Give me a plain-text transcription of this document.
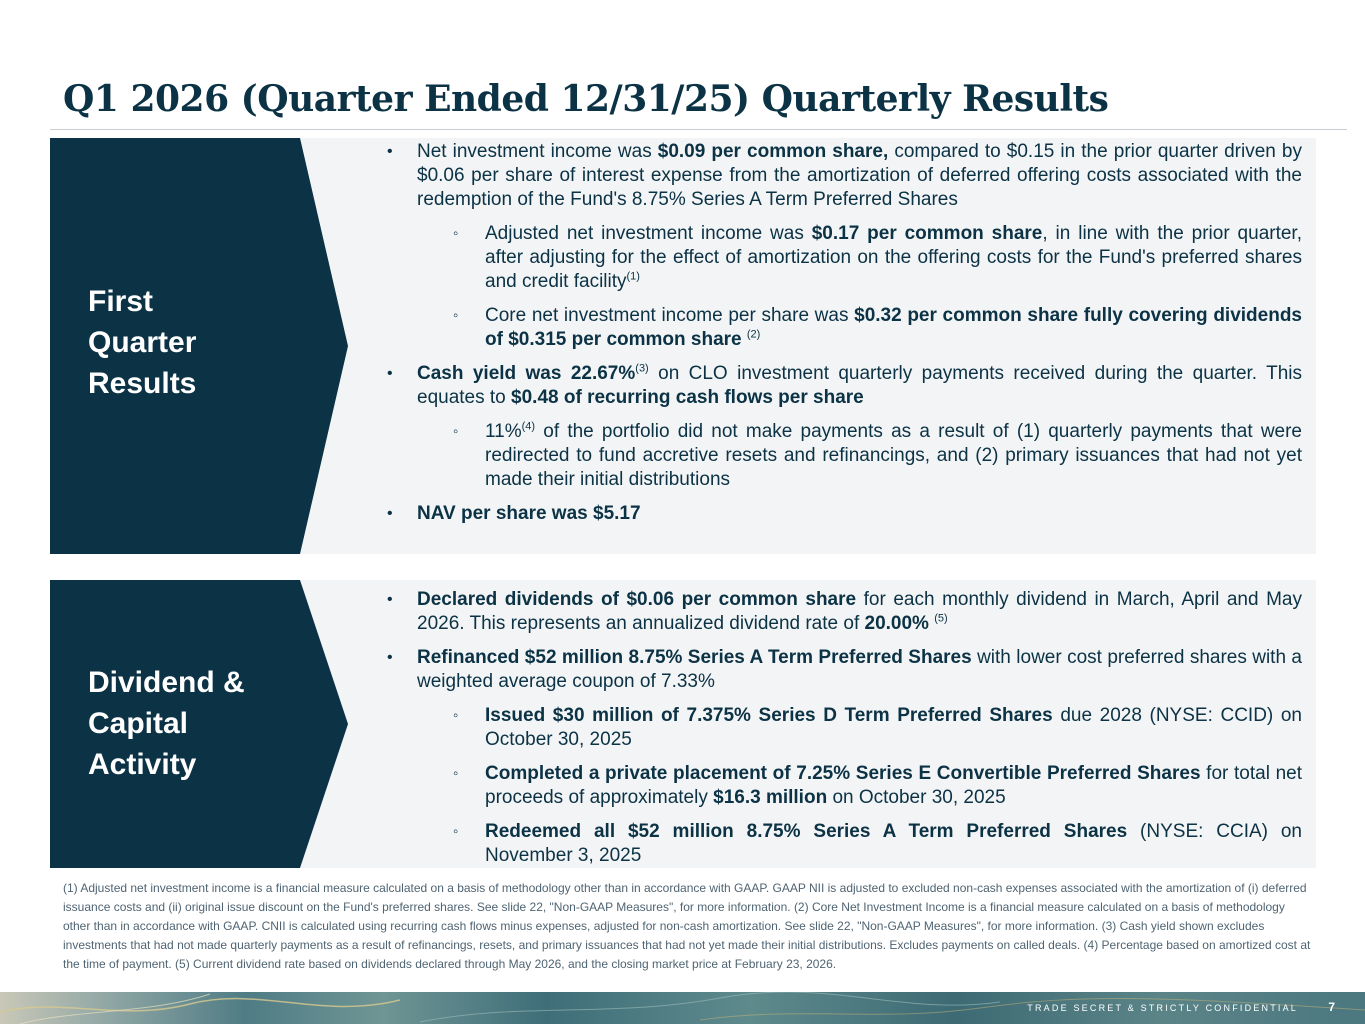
Q1 2026 (Quarter Ended 12/31/25) Quarterly Results
First
Quarter
Results
• Net investment income was $0.09 per common share, compared to $0.15 in the prior quarter driven by $0.06 per share of interest expense from the amortization of deferred offering costs associated with the redemption of the Fund's 8.75% Series A Term Preferred Shares
◦ Adjusted net investment income was $0.17 per common share, in line with the prior quarter, after adjusting for the effect of amortization on the offering costs for the Fund's preferred shares and credit facility$^{(1)}$
◦ Core net investment income per share was $0.32 per common share fully covering dividends of $0.315 per common share $^{(2)}$
• Cash yield was 22.67%$^{(3)}$ on CLO investment quarterly payments received during the quarter. This equates to $0.48 of recurring cash flows per share
◦ 11%$^{(4)}$ of the portfolio did not make payments as a result of (1) quarterly payments that were redirected to fund accretive resets and refinancings, and (2) primary issuances that had not yet made their initial distributions
• NAV per share was $5.17
Dividend &
Capital
Activity
• Declared dividends of $0.06 per common share for each monthly dividend in March, April and May 2026. This represents an annualized dividend rate of 20.00% $^{(5)}$
• Refinanced $52 million 8.75% Series A Term Preferred Shares with lower cost preferred shares with a weighted average coupon of 7.33%
◦ Issued $30 million of 7.375% Series D Term Preferred Shares due 2028 (NYSE: CCID) on October 30, 2025
◦ Completed a private placement of 7.25% Series E Convertible Preferred Shares for total net proceeds of approximately $16.3 million on October 30, 2025
◦ Redeemed all $52 million 8.75% Series A Term Preferred Shares (NYSE: CCIA) on November 3, 2025
(1) Adjusted net investment income is a financial measure calculated on a basis of methodology other than in accordance with GAAP. GAAP NII is adjusted to excluded non-cash expenses associated with the amortization of (i) deferred issuance costs and (ii) original issue discount on the Fund's preferred shares. See slide 22, "Non-GAAP Measures", for more information. (2) Core Net Investment Income is a financial measure calculated on a basis of methodology other than in accordance with GAAP. CNII is calculated using recurring cash flows minus expenses, adjusted for non-cash amortization. See slide 22, "Non-GAAP Measures", for more information. (3) Cash yield shown excludes investments that had not made quarterly payments as a result of refinancings, resets, and primary issuances that had not yet made their initial distributions. Excludes payments on called deals. (4) Percentage based on amortized cost at the time of payment. (5) Current dividend rate based on dividends declared through May 2026, and the closing market price at February 23, 2026.
TRADE SECRET & STRICTLY CONFIDENTIAL	7
